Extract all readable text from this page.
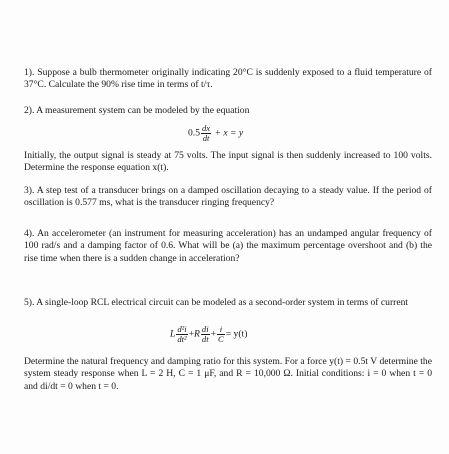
1). Suppose a bulb thermometer originally indicating 20°C is suddenly exposed to a fluid temperature of 37°C. Calculate the 90% rise time in terms of t/τ.

2). A measurement system can be modeled by the equation

$0.5 \frac{dx}{dt} + x = y$

Initially, the output signal is steady at 75 volts. The input signal is then suddenly increased to 100 volts. Determine the response equation x(t).

3). A step test of a transducer brings on a damped oscillation decaying to a steady value. If the period of oscillation is 0.577 ms, what is the transducer ringing frequency?

4). An accelerometer (an instrument for measuring acceleration) has an undamped angular frequency of 100 rad/s and a damping factor of 0.6. What will be (a) the maximum percentage overshoot and (b) the rise time when there is a sudden change in acceleration?

5). A single-loop RCL electrical circuit can be modeled as a second-order system in terms of current

L $\frac{\text{d²i}}{\text{dt²}} +R \frac{di}{dt} + \frac{i}{C} = y(t)$

Determine the natural frequency and damping ratio for this system. For a force y(t) = 0.5t V determine the system steady response when L = 2 H, C = 1 μF, and R = 10,000 Ω. Initial conditions: i = 0 when t = 0 and di/dt = 0 when t = 0.
